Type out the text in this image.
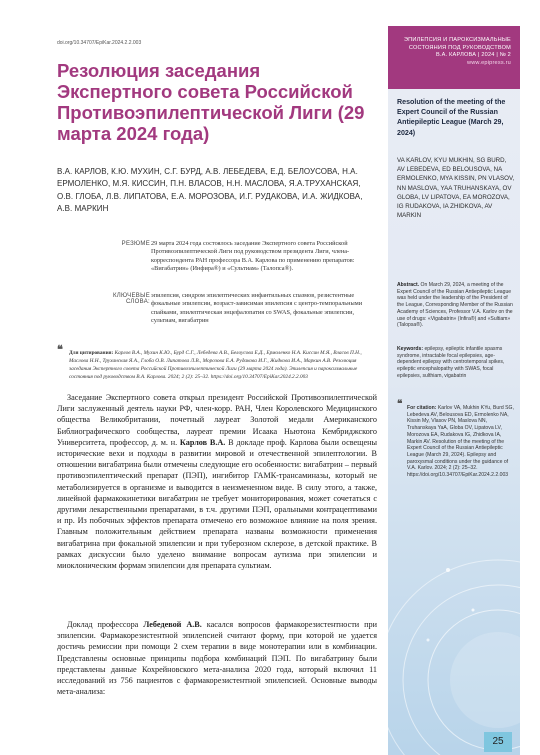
doi.org/10.34707/EpiKar.2024.2.2.003
Резолюция заседания Экспертного совета Российской Противоэпилептической Лиги (29 марта 2024 года)
В.А. КАРЛОВ, К.Ю. МУХИН, С.Г. БУРД, А.В. ЛЕБЕДЕВА, Е.Д. БЕЛОУСОВА, Н.А. ЕРМОЛЕНКО, М.Я. КИССИН, П.Н. ВЛАСОВ, Н.Н. МАСЛОВА, Я.А.ТРУХАНСКАЯ, О.В. ГЛОБА, Л.В. ЛИПАТОВА, Е.А. МОРОЗОВА, И.Г. РУДАКОВА, И.А. ЖИДКОВА, А.В. МАРКИН
РЕЗЮМЕ 29 марта 2024 года состоялось заседание Экспертного совета Российской Противоэпилептической Лиги под руководством президента Лиги, члена-корреспондента РАН профессора В.А. Карлова по применению препаратов: «Вигабатрин» (Инфира®) и «Сультиам» (Талопса®).
КЛЮЧЕВЫЕ СЛОВА:
эпилепсия, синдром эпилептических инфантильных спазмов, резистентные фокальные эпилепсии, возраст-зависимая эпилепсия с центро-темпоральными спайками, эпилептическая энцефалопатия со SWAS, фокальные эпилепсии, сультиам, вигабатрин
❝ Для цитирования: Карлов В.А., Мухин К.Ю., Бурд С.Г., Лебедева А.В., Белоусова Е.Д., Ермоленко Н.А. Киссин М.Я., Власов П.Н., Маслова Н.Н., Труханская Я.А., Глоба О.В. Липатова Л.В., Морозова Е.А. Рудакова И.Г., Жидкова И.А., Маркин А.В. Резолюция заседания Экспертного совета Российской Противоэпилептической Лиги (29 марта 2024 года). Эпилепсия и пароксизмальные состояния под руководством В.А. Карлова. 2024; 2 (2): 25–32. https://doi.org/10.34707/EpiKar.2024.2.2.003
Заседание Экспертного совета открыл президент Российской Противоэпилептической Лиги заслуженный деятель науки РФ, член-корр. РАН, Член Королевского Медицинского общества Великобритании, почетный лауреат Золотой медали Американского Библиографического сообщества, лауреат премии Исаака Ньютона Кембриджского Университета, профессор, д. м. н. Карлов В.А. В докладе проф. Карлова были освещены исторические вехи и подходы в развитии мировой и отечественной эпилептологии. В отношении вигабатрина были отмечены следующие его особенности: вигабатрин – первый противоэпилептический препарат (ПЭП), ингибитор ГАМК-трансаминазы, который не метаболизируется в организме и выводится в неизмененном виде. В силу этого, а также, линейной фармакокинетики вигабатрин не требует мониторирования, может сочетаться с другими лекарственными препаратами, в т.ч. другими ПЭП, оральными контрацептивами и пр. Из побочных эффектов препарата отмечено его возможное влияние на поля зрения. Главным положительным действием препарата названы возможности применения вигабатрина при фокальной эпилепсии и при туберозном склерозе, в детской практике. В рамках дискуссии было уделено внимание вопросам аутизма при эпилепсии и миоклоническим формам эпилепсии для препарата сультиам.
Доклад профессора Лебедевой А.В. касался вопросов фармакорезистентности при эпилепсии. Фармакорезистентной эпилепсией считают форму, при которой не удается достичь ремиссии при помощи 2 схем терапии в виде монотерапии или в комбинации. Представлены основные принципы подбора комбинаций ПЭП. По вигабатрину были представлены данные Кохрейновского мета-анализа 2020 года, который включил 11 исследований из 756 пациентов с фармакорезистентной эпилепсией. Основные выводы мета-анализа:
ЭПИЛЕПСИЯ И ПАРОКСИЗМАЛЬНЫЕ
СОСТОЯНИЯ ПОД РУКОВОДСТВОМ
В.А. КАРЛОВА | 2024 | № 2
www.epipress.ru
Resolution of the meeting of the Expert Council of the Russian Antiepileptic League (March 29, 2024)
VA KARLOV, KYU MUKHIN, SG BURD, AV LEBEDEVA, ED BELOUSOVA, NA ERMOLENKO, MYA KISSIN, PN VLASOV, NN MASLOVA, YAA TRUHANSKAYA, OV GLOBA, LV LIPATOVA, EA MOROZOVA, IG RUDAKOVA, IA ZHIDKOVA, AV MARKIN
Abstract. On March 29, 2024, a meeting of the Expert Council of the Russian Antiepileptic League was held under the leadership of the President of the League, Corresponding Member of the Russian Academy of Sciences, Professor V.A. Karlov on the use of drugs: «Vigabatrin» (Infira®) and «Sultiam» (Talopsa®).
Keywords: epilepsy, epileptic infantile spasms syndrome, intractable focal epilepsies, age-dependent epilepsy with centrotemporal spikes, epileptic encephalopathy with SWAS, focal epilepsies, sulthiam, vigabatrin
❝ For citation: Karlov VA, Mukhin KYu, Burd SG, Lebedeva AV, Belousova ED, Ermolenko NA, Kissin My, Vlasov PN, Maslova NN, Truhanskaya YaA, Globa OV, Lipatova LV, Morozova EA, Rudakova IG, Zhidkova IA, Markin AV. Resolution of the meeting of the Expert Council of the Russian Antiepileptic League (March 29, 2024). Epilepsy and paroxysmal conditions under the guidance of V.A. Karlov. 2024; 2 (2): 25–32. https://doi.org/10.34707/EpiKar.2024.2.2.003
25
